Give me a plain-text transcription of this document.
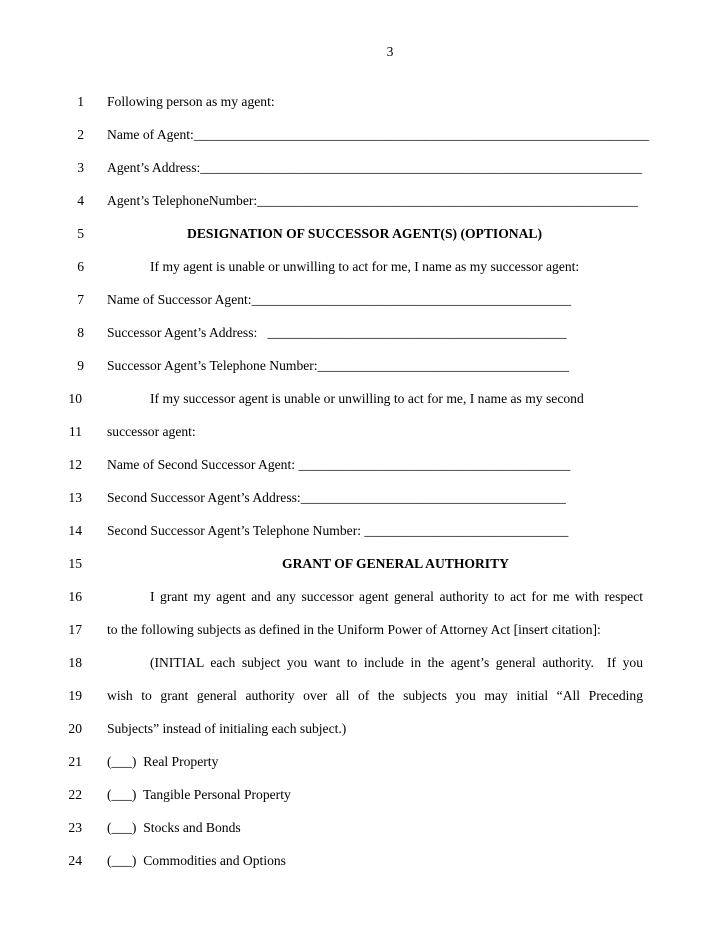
3
1 Following person as my agent:
2 Name of Agent:___________________________________________________________________
3 Agent’s Address:_________________________________________________________________
4 Agent’s TelephoneNumber:________________________________________________________
5	DESIGNATION OF SUCCESSOR AGENT(S) (OPTIONAL)
6	If my agent is unable or unwilling to act for me, I name as my successor agent:
7 Name of Successor Agent:_______________________________________________
8 Successor Agent’s Address:   ____________________________________________
9 Successor Agent’s Telephone Number:_____________________________________
10	If my successor agent is unable or unwilling to act for me, I name as my second
11 successor agent:
12 Name of Second Successor Agent: ________________________________________
13 Second Successor Agent’s Address:_______________________________________
14 Second Successor Agent’s Telephone Number: ______________________________
15	GRANT OF GENERAL AUTHORITY
16	I grant my agent and any successor agent general authority to act for me with respect
17 to the following subjects as defined in the Uniform Power of Attorney Act [insert citation]:
18	(INITIAL each subject you want to include in the agent’s general authority.  If you
19 wish to grant general authority over all of the subjects you may initial “All Preceding
20 Subjects” instead of initialing each subject.)
21 (___)  Real Property
22 (___)  Tangible Personal Property
23 (___)  Stocks and Bonds
24 (___)  Commodities and Options
